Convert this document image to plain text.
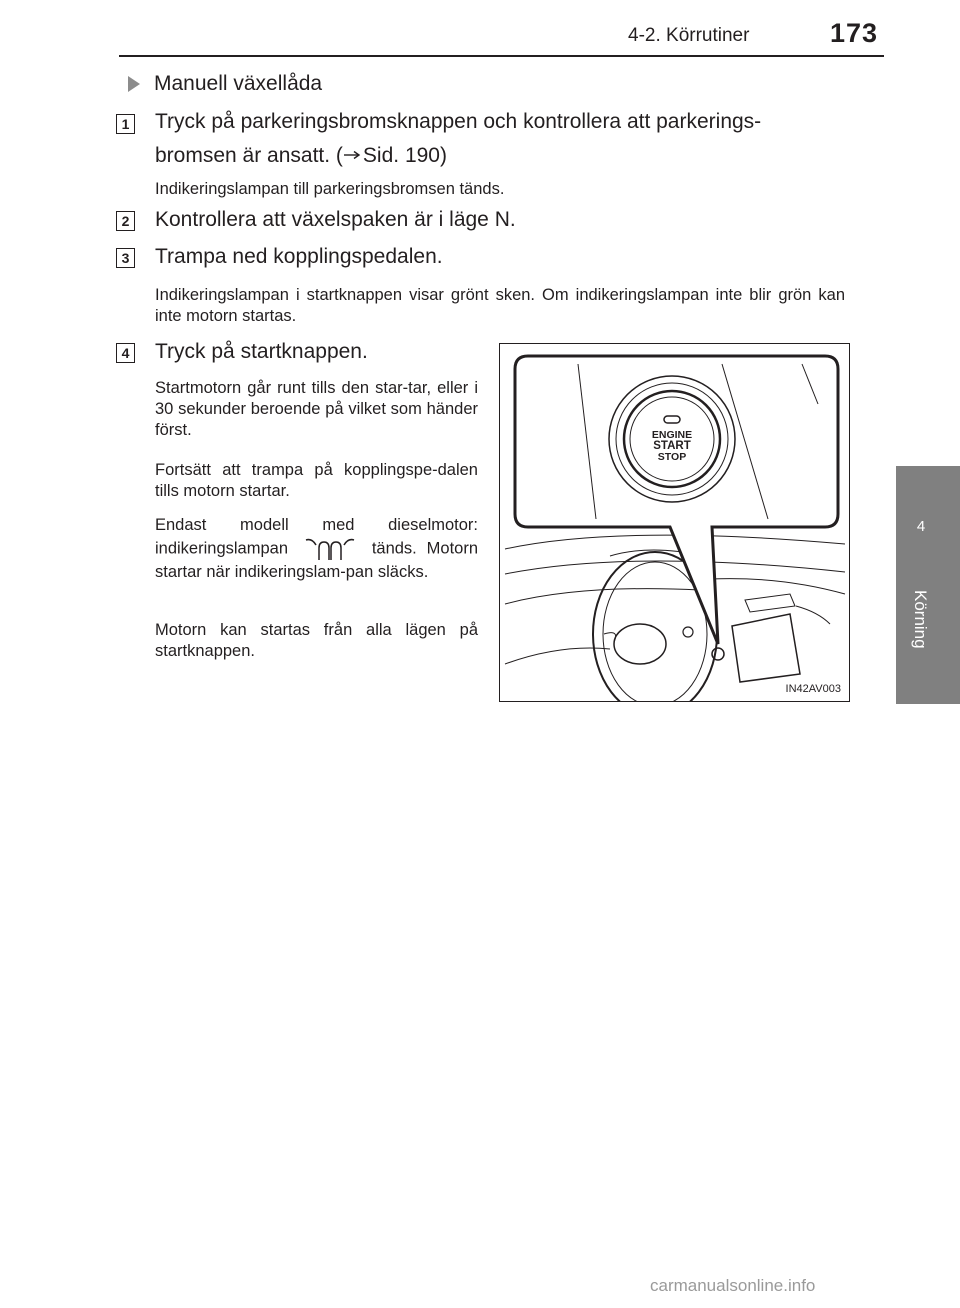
4-2. Körrutiner	173
4
Körning
Manuell växellåda
1 Tryck på parkeringsbromsknappen och kontrollera att parkerings-
bromsen är ansatt. ( Sid. 190)
Indikeringslampan till parkeringsbromsen tänds.
2 Kontrollera att växelspaken är i läge N.
3 Trampa ned kopplingspedalen.
Indikeringslampan i startknappen visar grönt sken. Om indikeringslampan inte blir grön kan inte motorn startas.
4 Tryck på startknappen.
Startmotorn går runt tills den star-tar, eller i 30 sekunder beroende på vilket som händer först.
Fortsätt att trampa på kopplingspe-dalen tills motorn startar.
Endast modell med dieselmotor: indikeringslampan	tänds. Motorn startar när indikeringslam-pan släcks.
Motorn kan startas från alla lägen på startknappen.
ENGINE
START
STOP
IN42AV003
carmanualsonline.info
